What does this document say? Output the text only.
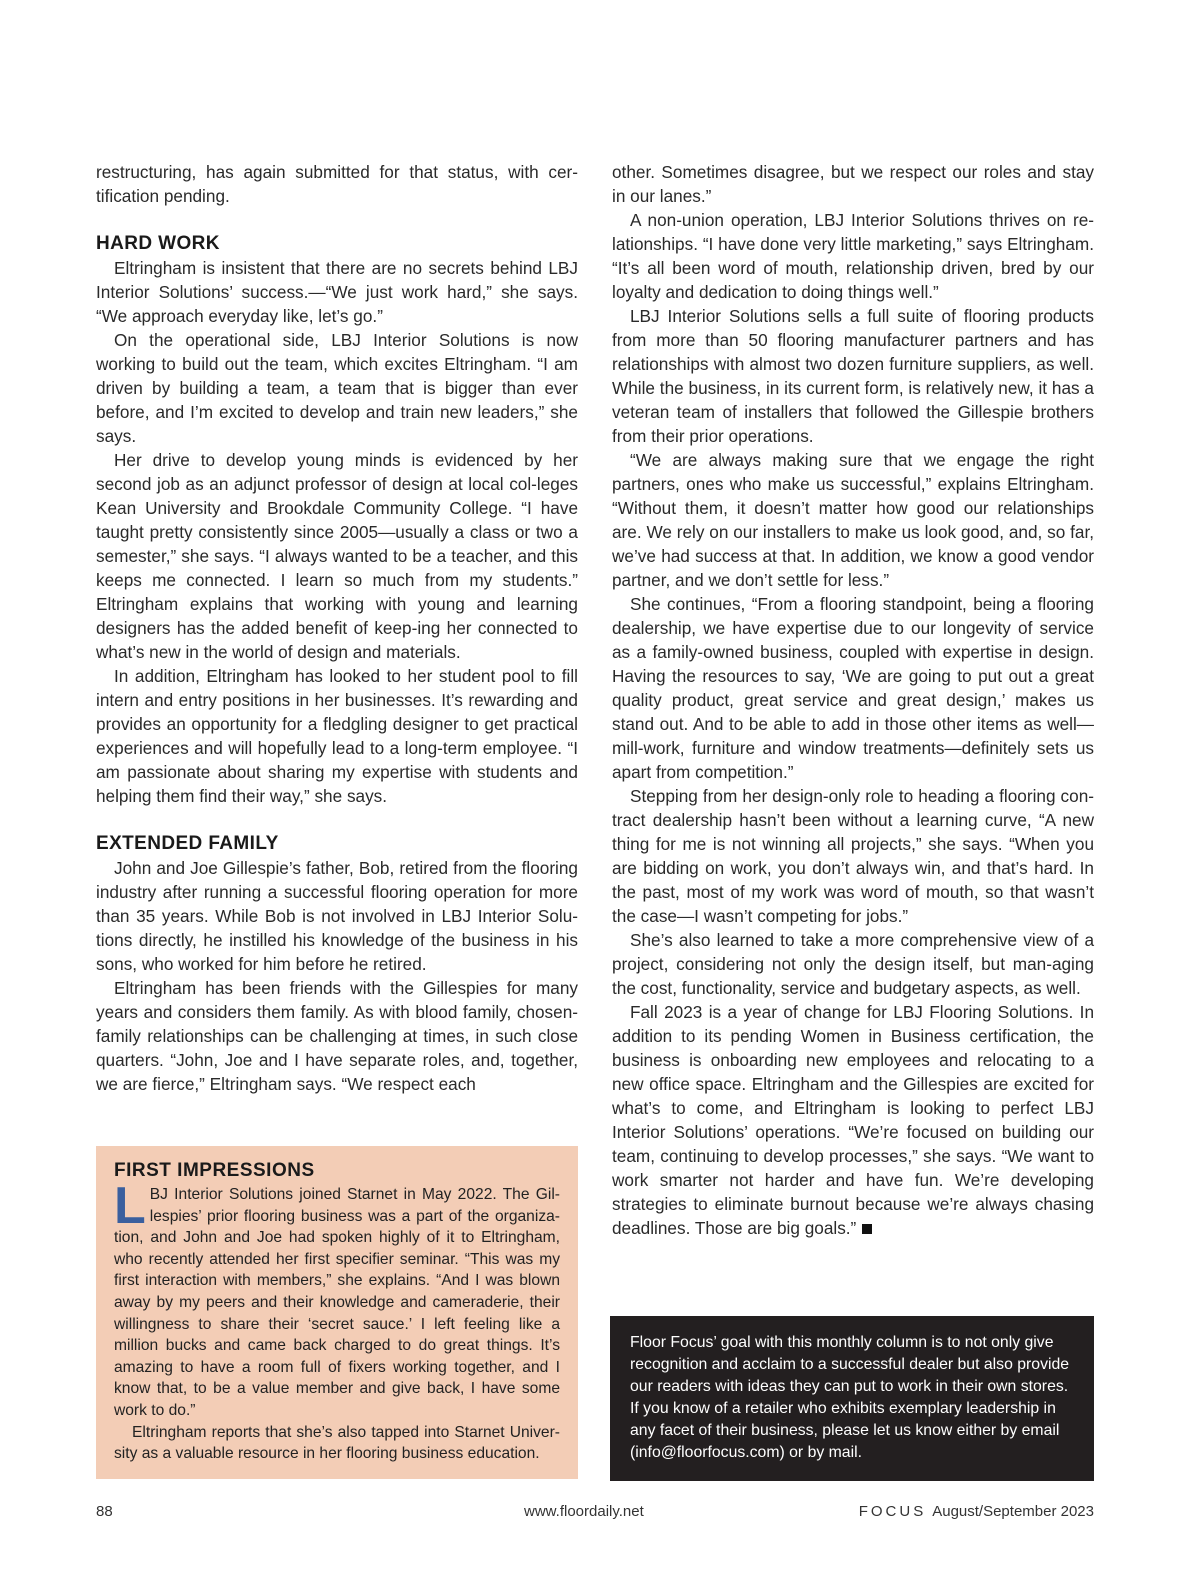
restructuring, has again submitted for that status, with cer-tification pending.

HARD WORK

Eltringham is insistent that there are no secrets behind LBJ Interior Solutions’ success.—“We just work hard,” she says. “We approach everyday like, let’s go.”

On the operational side, LBJ Interior Solutions is now working to build out the team, which excites Eltringham. “I am driven by building a team, a team that is bigger than ever before, and I’m excited to develop and train new leaders,” she says.

Her drive to develop young minds is evidenced by her second job as an adjunct professor of design at local col-leges Kean University and Brookdale Community College. “I have taught pretty consistently since 2005—usually a class or two a semester,” she says. “I always wanted to be a teacher, and this keeps me connected. I learn so much from my students.” Eltringham explains that working with young and learning designers has the added benefit of keep-ing her connected to what’s new in the world of design and materials.

In addition, Eltringham has looked to her student pool to fill intern and entry positions in her businesses. It’s rewarding and provides an opportunity for a fledgling designer to get practical experiences and will hopefully lead to a long-term employee. “I am passionate about sharing my expertise with students and helping them find their way,” she says.

EXTENDED FAMILY

John and Joe Gillespie’s father, Bob, retired from the flooring industry after running a successful flooring operation for more than 35 years. While Bob is not involved in LBJ Interior Solu-tions directly, he instilled his knowledge of the business in his sons, who worked for him before he retired.

Eltringham has been friends with the Gillespies for many years and considers them family. As with blood family, chosen-family relationships can be challenging at times, in such close quarters. “John, Joe and I have separate roles, and, together, we are fierce,” Eltringham says. “We respect each

other. Sometimes disagree, but we respect our roles and stay in our lanes.”

A non-union operation, LBJ Interior Solutions thrives on re-lationships. “I have done very little marketing,” says Eltringham. “It’s all been word of mouth, relationship driven, bred by our loyalty and dedication to doing things well.”

LBJ Interior Solutions sells a full suite of flooring products from more than 50 flooring manufacturer partners and has relationships with almost two dozen furniture suppliers, as well. While the business, in its current form, is relatively new, it has a veteran team of installers that followed the Gillespie brothers from their prior operations.

“We are always making sure that we engage the right partners, ones who make us successful,” explains Eltringham. “Without them, it doesn’t matter how good our relationships are. We rely on our installers to make us look good, and, so far, we’ve had success at that. In addition, we know a good vendor partner, and we don’t settle for less.”

She continues, “From a flooring standpoint, being a flooring dealership, we have expertise due to our longevity of service as a family-owned business, coupled with expertise in design. Having the resources to say, ‘We are going to put out a great quality product, great service and great design,’ makes us stand out. And to be able to add in those other items as well—mill-work, furniture and window treatments—definitely sets us apart from competition.”

Stepping from her design-only role to heading a flooring con-tract dealership hasn’t been without a learning curve, “A new thing for me is not winning all projects,” she says. “When you are bidding on work, you don’t always win, and that’s hard. In the past, most of my work was word of mouth, so that wasn’t the case—I wasn’t competing for jobs.”

She’s also learned to take a more comprehensive view of a project, considering not only the design itself, but man-aging the cost, functionality, service and budgetary aspects, as well.

Fall 2023 is a year of change for LBJ Flooring Solutions. In addition to its pending Women in Business certification, the business is onboarding new employees and relocating to a new office space. Eltringham and the Gillespies are excited for what’s to come, and Eltringham is looking to perfect LBJ Interior Solutions’ operations. “We’re focused on building our team, continuing to develop processes,” she says. “We want to work smarter not harder and have fun. We’re developing strategies to eliminate burnout because we’re always chasing deadlines. Those are big goals.”

FIRST IMPRESSIONS

LBJ Interior Solutions joined Starnet in May 2022. The Gil-lespies’ prior flooring business was a part of the organiza-tion, and John and Joe had spoken highly of it to Eltringham, who recently attended her first specifier seminar. “This was my first interaction with members,” she explains. “And I was blown away by my peers and their knowledge and cameraderie, their willingness to share their ‘secret sauce.’ I left feeling like a million bucks and came back charged to do great things. It’s amazing to have a room full of fixers working together, and I know that, to be a value member and give back, I have some work to do.”

Eltringham reports that she’s also tapped into Starnet Univer-sity as a valuable resource in her flooring business education.

Floor Focus’ goal with this monthly column is to not only give recognition and acclaim to a successful dealer but also provide our readers with ideas they can put to work in their own stores. If you know of a retailer who exhibits exemplary leadership in any facet of their business, please let us know either by email (info@floorfocus.com) or by mail.
88	www.floordaily.net	FOCUS August/September 2023
